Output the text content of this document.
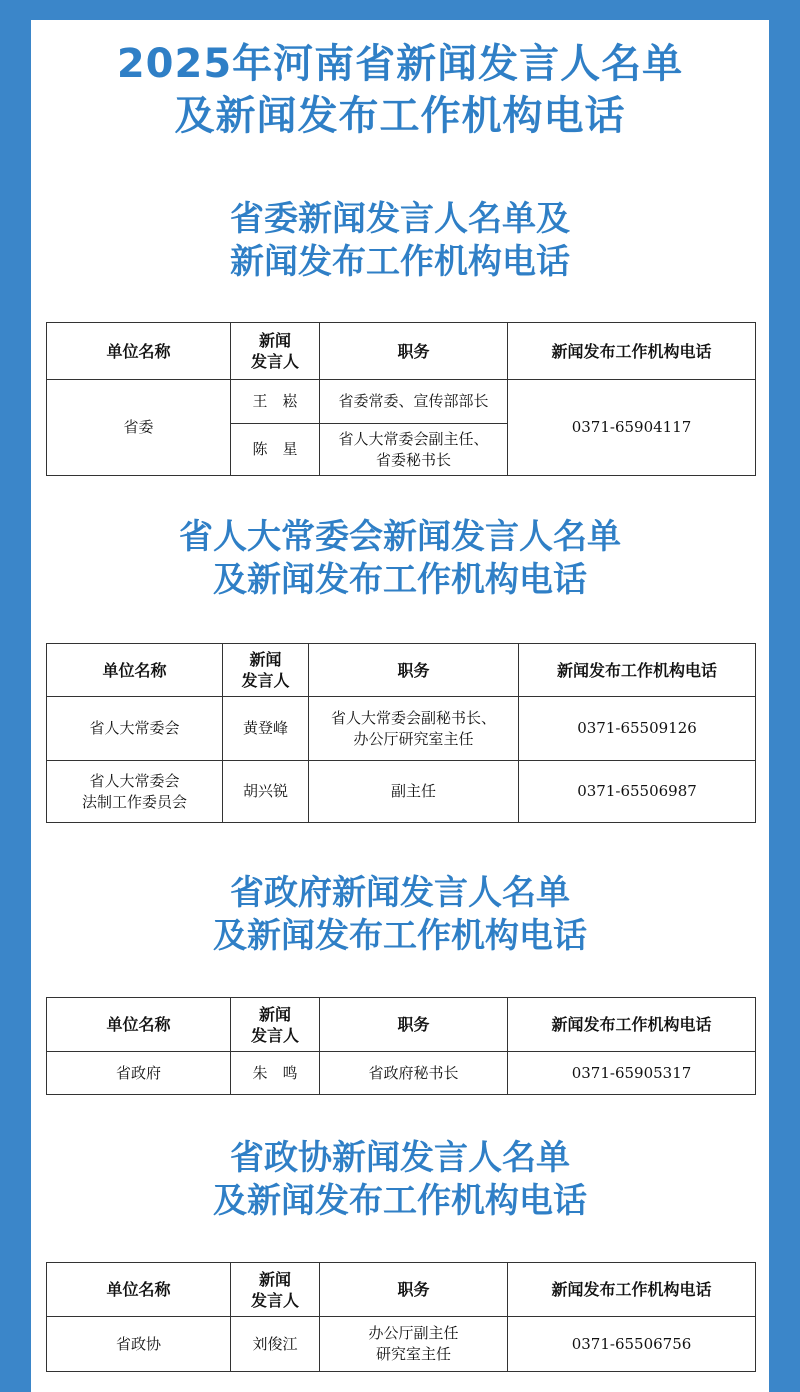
2025年河南省新闻发言人名单
及新闻发布工作机构电话
省委新闻发言人名单及
新闻发布工作机构电话
单位名称	新闻
发言人	职务	新闻发布工作机构电话
省委	王　崧	省委常委、宣传部部长	0371-65904117
	陈　星	省人大常委会副主任、
省委秘书长	
省人大常委会新闻发言人名单
及新闻发布工作机构电话
单位名称	新闻
发言人	职务	新闻发布工作机构电话
省人大常委会	黄登峰	省人大常委会副秘书长、
办公厅研究室主任	0371-65509126
省人大常委会
法制工作委员会	胡兴锐	副主任	0371-65506987
省政府新闻发言人名单
及新闻发布工作机构电话
单位名称	新闻
发言人	职务	新闻发布工作机构电话
省政府	朱　鸣	省政府秘书长	0371-65905317
省政协新闻发言人名单
及新闻发布工作机构电话
单位名称	新闻
发言人	职务	新闻发布工作机构电话
省政协	刘俊江	办公厅副主任
研究室主任	0371-65506756
